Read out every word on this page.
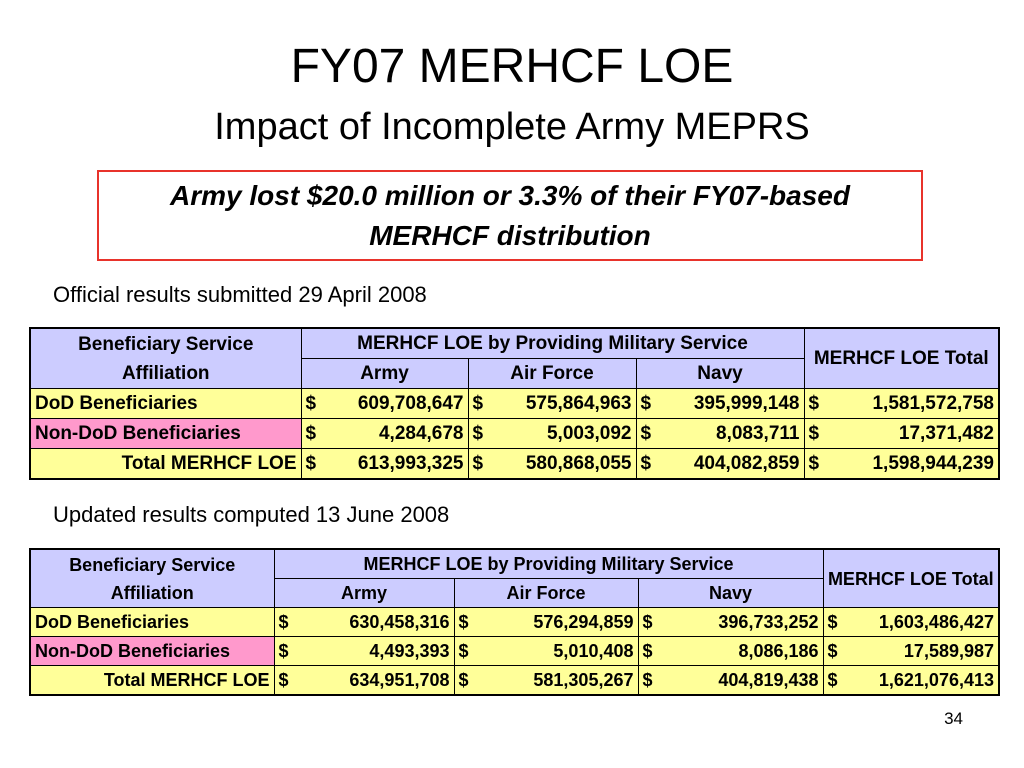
FY07 MERHCF LOE
Impact of Incomplete Army MEPRS
Army lost $20.0 million or 3.3% of their FY07-based MERHCF distribution
Official results submitted 29 April 2008
Beneficiary Service Affiliation	MERHCF LOE by Providing Military Service			MERHCF LOE Total
	Army	Air Force	Navy	
DoD Beneficiaries	$ 609,708,647	$ 575,864,963	$ 395,999,148	$ 1,581,572,758

Non-DoD Beneficiaries	$ 4,284,678	$ 5,003,092	$ 8,083,711	$ 17,371,482

Total MERHCF LOE	$ 613,993,325	$ 580,868,055	$ 404,082,859	$ 1,598,944,239
Updated results computed 13 June 2008
Beneficiary Service Affiliation	MERHCF LOE by Providing Military Service			MERHCF LOE Total
	Army	Air Force	Navy	
DoD Beneficiaries	$ 630,458,316	$ 576,294,859	$ 396,733,252	$ 1,603,486,427

Non-DoD Beneficiaries	$ 4,493,393	$ 5,010,408	$ 8,086,186	$ 17,589,987

Total MERHCF LOE	$ 634,951,708	$ 581,305,267	$ 404,819,438	$ 1,621,076,413
34
